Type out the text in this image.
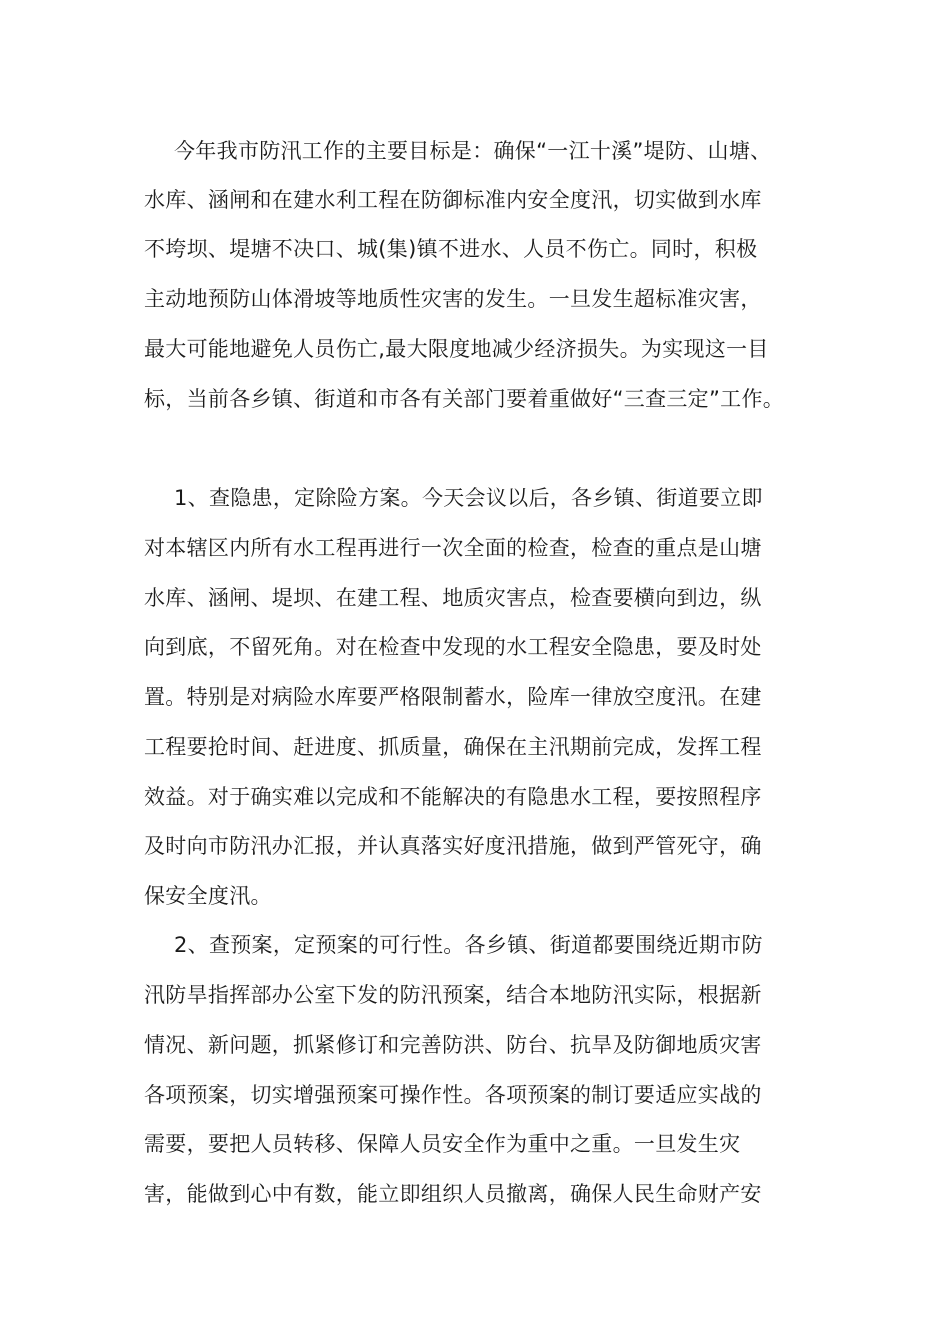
今年我市防汛工作的主要目标是：确保“一江十溪”堤防、山塘、
水库、涵闸和在建水利工程在防御标准内安全度汛，切实做到水库
不垮坝、堤塘不决口、城(集)镇不进水、人员不伤亡。同时，积极
主动地预防山体滑坡等地质性灾害的发生。一旦发生超标准灾害，
最大可能地避免人员伤亡,最大限度地减少经济损失。为实现这一目
标，当前各乡镇、街道和市各有关部门要着重做好“三查三定”工作。
1、查隐患，定除险方案。今天会议以后，各乡镇、街道要立即
对本辖区内所有水工程再进行一次全面的检查，检查的重点是山塘
水库、涵闸、堤坝、在建工程、地质灾害点，检查要横向到边，纵
向到底，不留死角。对在检查中发现的水工程安全隐患，要及时处
置。特别是对病险水库要严格限制蓄水，险库一律放空度汛。在建
工程要抢时间、赶进度、抓质量，确保在主汛期前完成，发挥工程
效益。对于确实难以完成和不能解决的有隐患水工程，要按照程序
及时向市防汛办汇报，并认真落实好度汛措施，做到严管死守，确
保安全度汛。
2、查预案，定预案的可行性。各乡镇、街道都要围绕近期市防
汛防旱指挥部办公室下发的防汛预案，结合本地防汛实际，根据新
情况、新问题，抓紧修订和完善防洪、防台、抗旱及防御地质灾害
各项预案，切实增强预案可操作性。各项预案的制订要适应实战的
需要，要把人员转移、保障人员安全作为重中之重。一旦发生灾
害，能做到心中有数，能立即组织人员撤离，确保人民生命财产安
